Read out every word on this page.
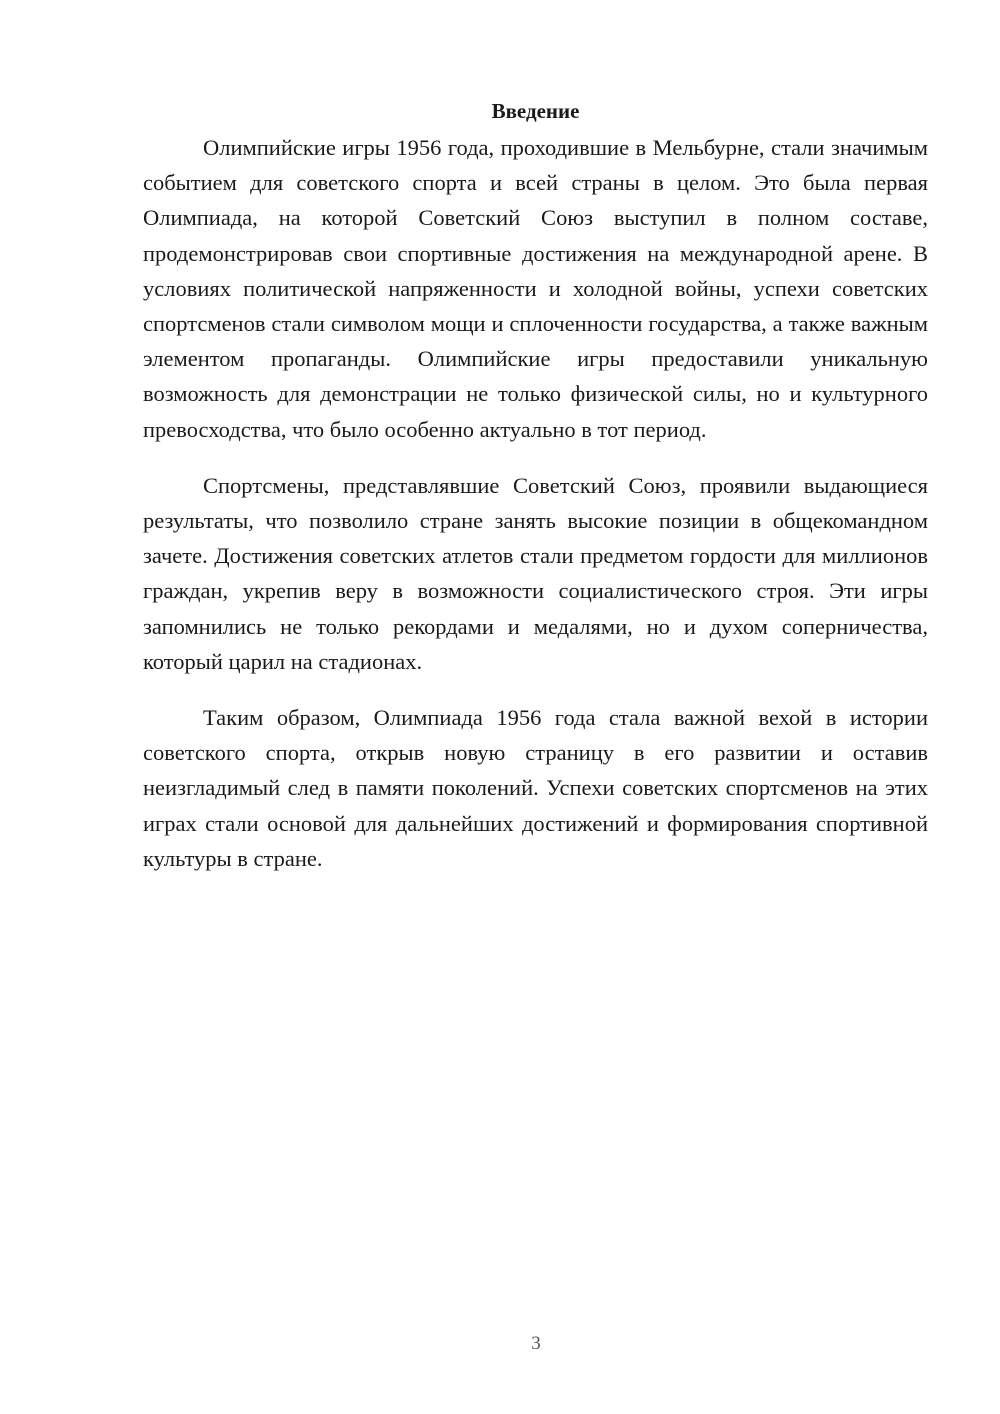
Введение

Олимпийские игры 1956 года, проходившие в Мельбурне, стали значимым событием для советского спорта и всей страны в целом. Это была первая Олимпиада, на которой Советский Союз выступил в полном составе, продемонстрировав свои спортивные достижения на международной арене. В условиях политической напряженности и холодной войны, успехи советских спортсменов стали символом мощи и сплоченности государства, а также важным элементом пропаганды. Олимпийские игры предоставили уникальную возможность для демонстрации не только физической силы, но и культурного превосходства, что было особенно актуально в тот период.

Спортсмены, представлявшие Советский Союз, проявили выдающиеся результаты, что позволило стране занять высокие позиции в общекомандном зачете. Достижения советских атлетов стали предметом гордости для миллионов граждан, укрепив веру в возможности социалистического строя. Эти игры запомнились не только рекордами и медалями, но и духом соперничества, который царил на стадионах.

Таким образом, Олимпиада 1956 года стала важной вехой в истории советского спорта, открыв новую страницу в его развитии и оставив неизгладимый след в памяти поколений. Успехи советских спортсменов на этих играх стали основой для дальнейших достижений и формирования спортивной культуры в стране.

3
